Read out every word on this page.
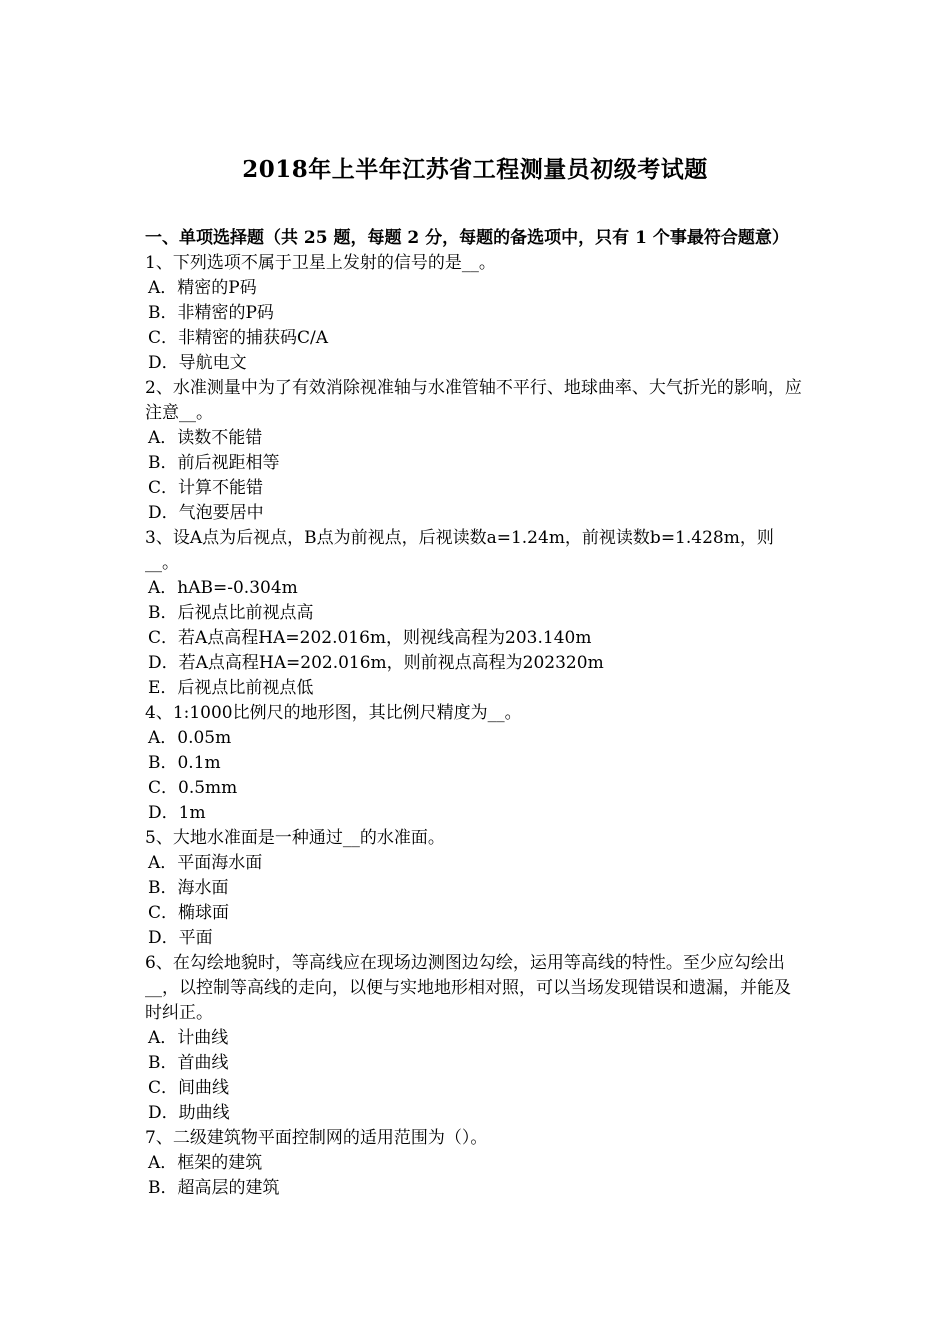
2018年上半年江苏省工程测量员初级考试题

一、单项选择题（共 25 题，每题 2 分，每题的备选项中，只有 1 个事最符合题意）

1、下列选项不属于卫星上发射的信号的是__。

A．精密的P码

B．非精密的P码

C．非精密的捕获码C/A

D．导航电文

2、水准测量中为了有效消除视准轴与水准管轴不平行、地球曲率、大气折光的影响，应注意__。

A．读数不能错

B．前后视距相等

C．计算不能错

D．气泡要居中

3、设A点为后视点，B点为前视点，后视读数a=1.24m，前视读数b=1.428m，则__。

A．hAB=-0.304m

B．后视点比前视点高

C．若A点高程HA=202.016m，则视线高程为203.140m

D．若A点高程HA=202.016m，则前视点高程为202320m

E．后视点比前视点低

4、1:1000比例尺的地形图，其比例尺精度为__。

A．0.05m

B．0.1m

C．0.5mm

D．1m

5、大地水准面是一种通过__的水准面。

A．平面海水面

B．海水面

C．椭球面

D．平面

6、在勾绘地貌时，等高线应在现场边测图边勾绘，运用等高线的特性。至少应勾绘出__，以控制等高线的走向，以便与实地地形相对照，可以当场发现错误和遗漏，并能及时纠正。

A．计曲线

B．首曲线

C．间曲线

D．助曲线

7、二级建筑物平面控制网的适用范围为（）。

A．框架的建筑

B．超高层的建筑
